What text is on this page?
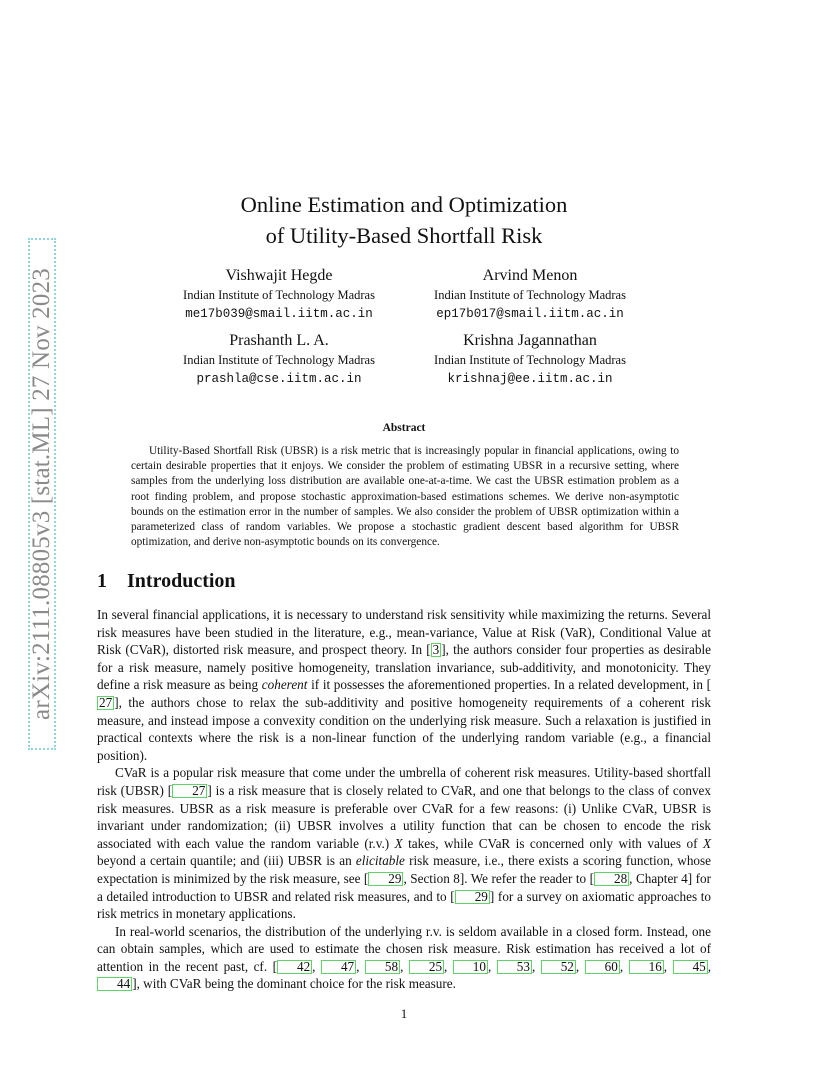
arXiv:2111.08805v3 [stat.ML] 27 Nov 2023
Online Estimation and Optimization
of Utility-Based Shortfall Risk
Vishwajit Hegde
Indian Institute of Technology Madras
me17b039@smail.iitm.ac.in
Arvind Menon
Indian Institute of Technology Madras
ep17b017@smail.iitm.ac.in
Prashanth L. A.
Indian Institute of Technology Madras
prashla@cse.iitm.ac.in
Krishna Jagannathan
Indian Institute of Technology Madras
krishnaj@ee.iitm.ac.in
Abstract

Utility-Based Shortfall Risk (UBSR) is a risk metric that is increasingly popular in financial applications, owing to certain desirable properties that it enjoys. We consider the problem of estimating UBSR in a recursive setting, where samples from the underlying loss distribution are available one-at-a-time. We cast the UBSR estimation problem as a root finding problem, and propose stochastic approximation-based estimations schemes. We derive non-asymptotic bounds on the estimation error in the number of samples. We also consider the problem of UBSR optimization within a parameterized class of random variables. We propose a stochastic gradient descent based algorithm for UBSR optimization, and derive non-asymptotic bounds on its convergence.

1 Introduction

In several financial applications, it is necessary to understand risk sensitivity while maximizing the returns. Several risk measures have been studied in the literature, e.g., mean-variance, Value at Risk (VaR), Conditional Value at Risk (CVaR), distorted risk measure, and prospect theory. In [ 3 ], the authors consider four properties as desirable for a risk measure, namely positive homogeneity, translation invariance, sub-additivity, and monotonicity. They define a risk measure as being coherent if it possesses the aforementioned properties. In a related development, in [27 ], the authors chose to relax the sub-additivity and positive homogeneity requirements of a coherent risk measure, and instead impose a convexity condition on the underlying risk measure. Such a relaxation is justified in practical contexts where the risk is a non-linear function of the underlying random variable (e.g., a financial position).

CVaR is a popular risk measure that come under the umbrella of coherent risk measures. Utility-based shortfall risk (UBSR) [ 27 ] is a risk measure that is closely related to CVaR, and one that belongs to the class of convex risk measures. UBSR as a risk measure is preferable over CVaR for a few reasons: (i) Unlike CVaR, UBSR is invariant under randomization; (ii) UBSR involves a utility function that can be chosen to encode the risk associated with each value the random variable (r.v.) X takes, while CVaR is concerned only with values of X beyond a certain quantile; and (iii) UBSR is an elicitable risk measure, i.e., there exists a scoring function, whose expectation is minimized by the risk measure, see [ 29 , Section 8]. We refer the reader to [ 28 , Chapter 4] for a detailed introduction to UBSR and related risk measures, and to [ 29 ] for a survey on axiomatic approaches to risk metrics in monetary applications.

In real-world scenarios, the distribution of the underlying r.v. is seldom available in a closed form. Instead, one can obtain samples, which are used to estimate the chosen risk measure. Risk estimation has received a lot of attention in the recent past, cf. [ 42 , 47 , 58 , 25 , 10 , 53 , 52 , 60 , 16 , 45 , 44 ], with CVaR being the dominant choice for the risk measure.

1
